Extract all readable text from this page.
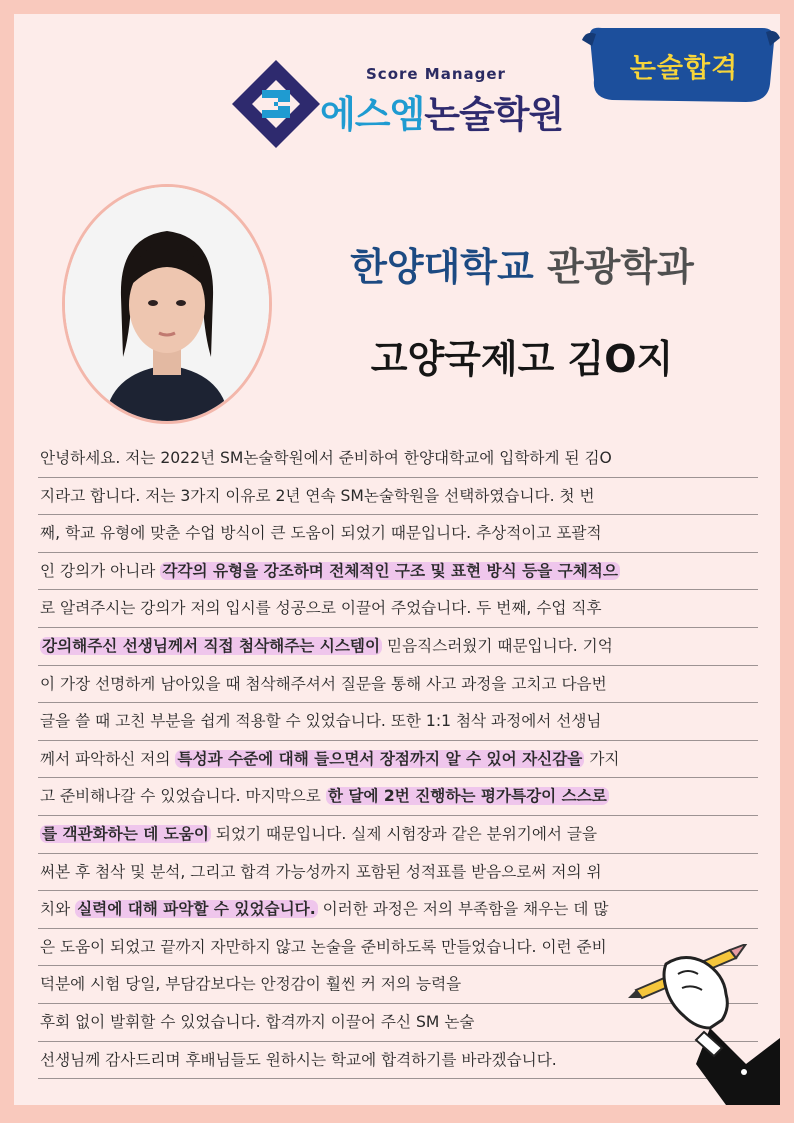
논술합격
Score Manager
에스엠논술학원
한양대학교 관광학과
고양국제고 김O지
안녕하세요. 저는 2022년 SM논술학원에서 준비하여 한양대학교에 입학하게 된 김O
지라고 합니다. 저는 3가지 이유로 2년 연속 SM논술학원을 선택하였습니다. 첫 번
째, 학교 유형에 맞춘 수업 방식이 큰 도움이 되었기 때문입니다. 추상적이고 포괄적
인 강의가 아니라 각각의 유형을 강조하며 전체적인 구조 및 표현 방식 등을 구체적으
로 알려주시는 강의가 저의 입시를 성공으로 이끌어 주었습니다. 두 번째, 수업 직후
강의해주신 선생님께서 직접 첨삭해주는 시스템이 믿음직스러웠기 때문입니다. 기억
이 가장 선명하게 남아있을 때 첨삭해주셔서 질문을 통해 사고 과정을 고치고 다음번
글을 쓸 때 고친 부분을 쉽게 적용할 수 있었습니다. 또한 1:1 첨삭 과정에서 선생님
께서 파악하신 저의 특성과 수준에 대해 들으면서 장점까지 알 수 있어 자신감을 가지
고 준비해나갈 수 있었습니다. 마지막으로 한 달에 2번 진행하는 평가특강이 스스로
를 객관화하는 데 도움이 되었기 때문입니다. 실제 시험장과 같은 분위기에서 글을
써본 후 첨삭 및 분석, 그리고 합격 가능성까지 포함된 성적표를 받음으로써 저의 위
치와 실력에 대해 파악할 수 있었습니다. 이러한 과정은 저의 부족함을 채우는 데 많
은 도움이 되었고 끝까지 자만하지 않고 논술을 준비하도록 만들었습니다. 이런 준비
덕분에 시험 당일, 부담감보다는 안정감이 훨씬 커 저의 능력을
후회 없이 발휘할 수 있었습니다. 합격까지 이끌어 주신 SM 논술
선생님께 감사드리며 후배님들도 원하시는 학교에 합격하기를 바라겠습니다.
